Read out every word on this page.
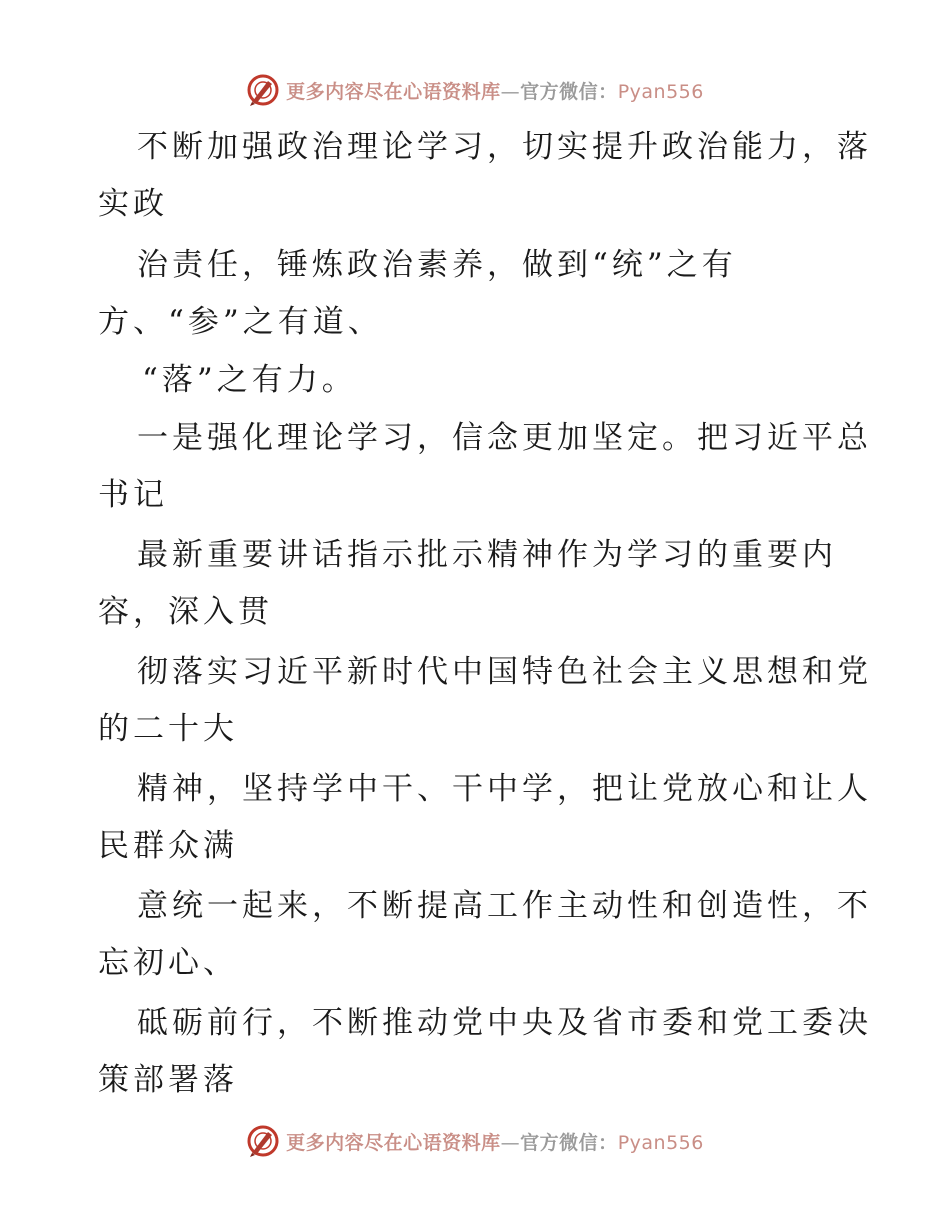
更多内容尽在心语资料库—官方微信：Pyan556
不断加强政治理论学习，切实提升政治能力，落
实政
治责任，锤炼政治素养，做到“统”之有
方、“参”之有道、
“落”之有力。
一是强化理论学习，信念更加坚定。把习近平总
书记
最新重要讲话指示批示精神作为学习的重要内
容，深入贯
彻落实习近平新时代中国特色社会主义思想和党
的二十大
精神，坚持学中干、干中学，把让党放心和让人
民群众满
意统一起来，不断提高工作主动性和创造性，不
忘初心、
砥砺前行，不断推动党中央及省市委和党工委决
策部署落
更多内容尽在心语资料库—官方微信：Pyan556
